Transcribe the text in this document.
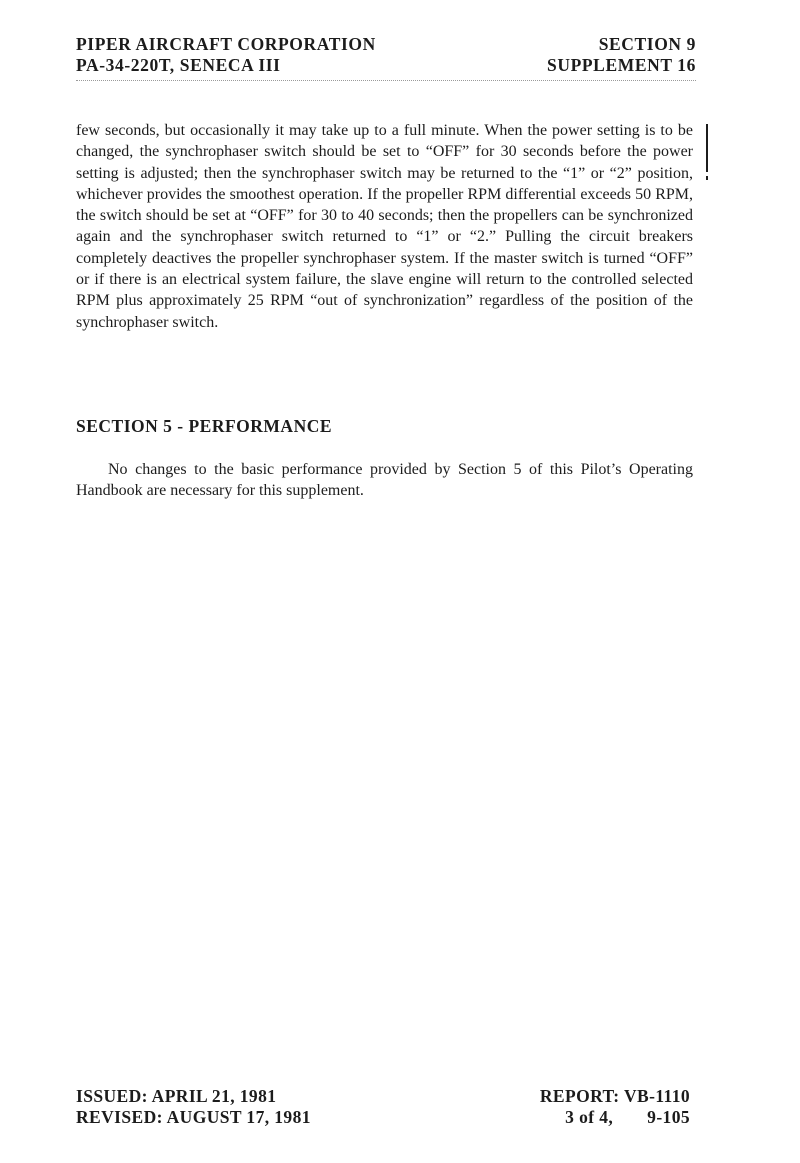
PIPER AIRCRAFT CORPORATION
PA-34-220T, SENECA III
SECTION 9
SUPPLEMENT 16

few seconds, but occasionally it may take up to a full minute. When the power setting is to be changed, the synchrophaser switch should be set to “OFF” for 30 seconds before the power setting is adjusted; then the synchrophaser switch may be returned to the “1” or “2” position, whichever provides the smoothest operation. If the propeller RPM differential exceeds 50 RPM, the switch should be set at “OFF” for 30 to 40 seconds; then the propellers can be synchronized again and the synchrophaser switch returned to “1” or “2.” Pulling the circuit breakers completely deactives the propeller synchrophaser system. If the master switch is turned “OFF” or if there is an electrical system failure, the slave engine will return to the controlled selected RPM plus approximately 25 RPM “out of synchronization” regardless of the position of the synchrophaser switch.

SECTION 5 - PERFORMANCE

No changes to the basic performance provided by Section 5 of this Pilot’s Operating Handbook are necessary for this supplement.

ISSUED: APRIL 21, 1981
REVISED: AUGUST 17, 1981
REPORT: VB-1110
3 of 4, 9-105
